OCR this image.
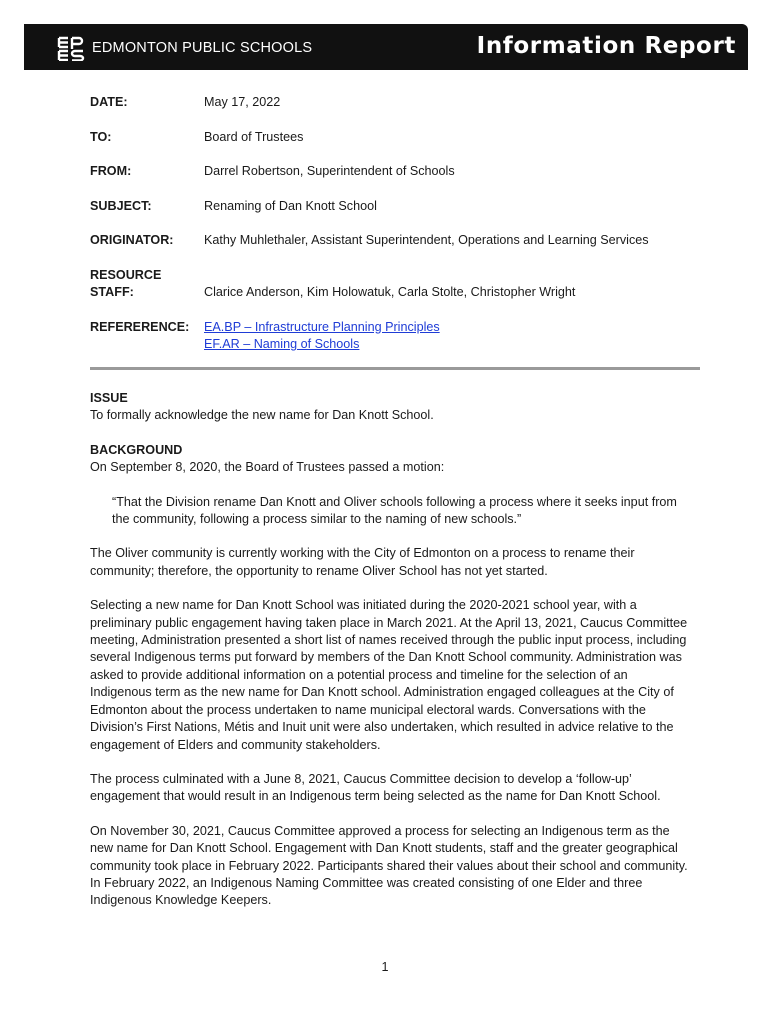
EDMONTON PUBLIC SCHOOLS	Information Report
DATE:	May 17, 2022
TO:	Board of Trustees
FROM:	Darrel Robertson, Superintendent of Schools
SUBJECT:	Renaming of Dan Knott School
ORIGINATOR:	Kathy Muhlethaler, Assistant Superintendent, Operations and Learning Services
RESOURCE
STAFF:	Clarice Anderson, Kim Holowatuk, Carla Stolte, Christopher Wright
REFERERENCE:	EA.BP – Infrastructure Planning Principles
EF.AR – Naming of Schools
ISSUE

To formally acknowledge the new name for Dan Knott School.

BACKGROUND

On September 8, 2020, the Board of Trustees passed a motion:

“That the Division rename Dan Knott and Oliver schools following a process where it seeks input from the community, following a process similar to the naming of new schools.”

The Oliver community is currently working with the City of Edmonton on a process to rename their community; therefore, the opportunity to rename Oliver School has not yet started.

Selecting a new name for Dan Knott School was initiated during the 2020-2021 school year, with a preliminary public engagement having taken place in March 2021. At the April 13, 2021, Caucus Committee meeting, Administration presented a short list of names received through the public input process, including several Indigenous terms put forward by members of the Dan Knott School community. Administration was asked to provide additional information on a potential process and timeline for the selection of an Indigenous term as the new name for Dan Knott school. Administration engaged colleagues at the City of Edmonton about the process undertaken to name municipal electoral wards. Conversations with the Division’s First Nations, Métis and Inuit unit were also undertaken, which resulted in advice relative to the engagement of Elders and community stakeholders.

The process culminated with a June 8, 2021, Caucus Committee decision to develop a ‘follow-up’ engagement that would result in an Indigenous term being selected as the name for Dan Knott School.

On November 30, 2021, Caucus Committee approved a process for selecting an Indigenous term as the new name for Dan Knott School. Engagement with Dan Knott students, staff and the greater geographical community took place in February 2022. Participants shared their values about their school and community. In February 2022, an Indigenous Naming Committee was created consisting of one Elder and three Indigenous Knowledge Keepers.

1
